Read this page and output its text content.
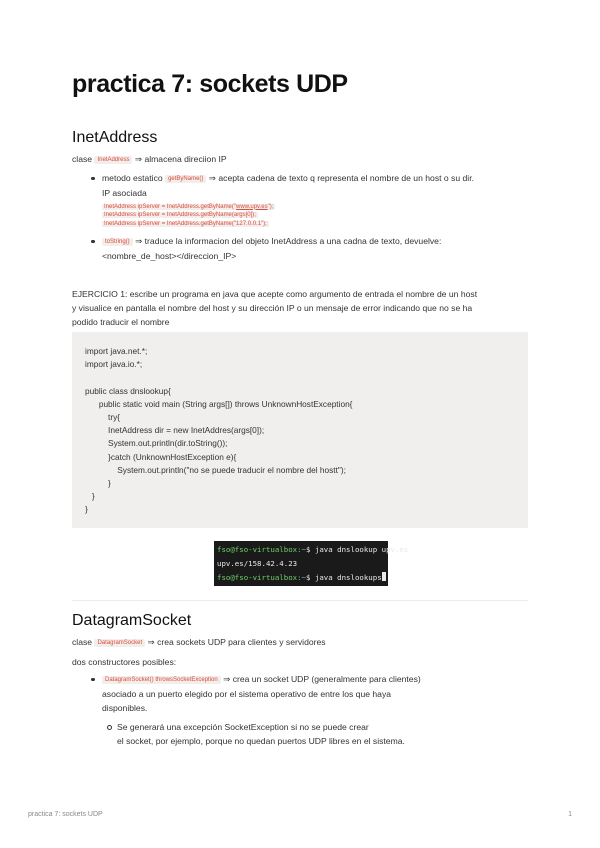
practica 7: sockets UDP
InetAddress
clase InetAddress ⇒ almacena direciion IP
metodo estatico getByName() ⇒ acepta cadena de texto q representa el nombre de un host o su dir.
IP asociada
InetAddress ipServer = InetAddress.getByName("www.upv.es");
InetAddress ipServer = InetAddress.getByName(args[0]);
InetAddress ipServer = InetAddress.getByName("127.0.0.1");
toString() ⇒ traduce la informacion del objeto InetAddress a una cadna de texto, devuelve:
<nombre_de_host></direccion_IP>
EJERCICIO 1: escribe un programa en java que acepte como argumento de entrada el nombre de un host
y visualice en pantalla el nombre del host y su dirección IP o un mensaje de error indicando que no se ha
podido traducir el nombre
import java.net.*;
import java.io.*;

public class dnslookup{
public static void main (String args[]) throws UnknownHostException{
try{
InetAddress dir = new InetAddres(args[0]);
System.out.println(dir.toString());
}catch (UnknownHostException e){
System.out.println("no se puede traducir el nombre del hostt");
}
}
}
fso@fso-virtualbox:~$ java dnslookup upv.es
upv.es/158.42.4.23
fso@fso-virtualbox:~$ java dnslookups
DatagramSocket
clase DatagramSocket ⇒ crea sockets UDP para clientes y servidores
dos constructores posibles:
DatagramSocket() throwsSocketException ⇒ crea un socket UDP (generalmente para clientes)
asociado a un puerto elegido por el sistema operativo de entre los que haya
disponibles.
Se generará una excepción SocketException si no se puede crear
el socket, por ejemplo, porque no quedan puertos UDP libres en el sistema.
practica 7: sockets UDP	1
